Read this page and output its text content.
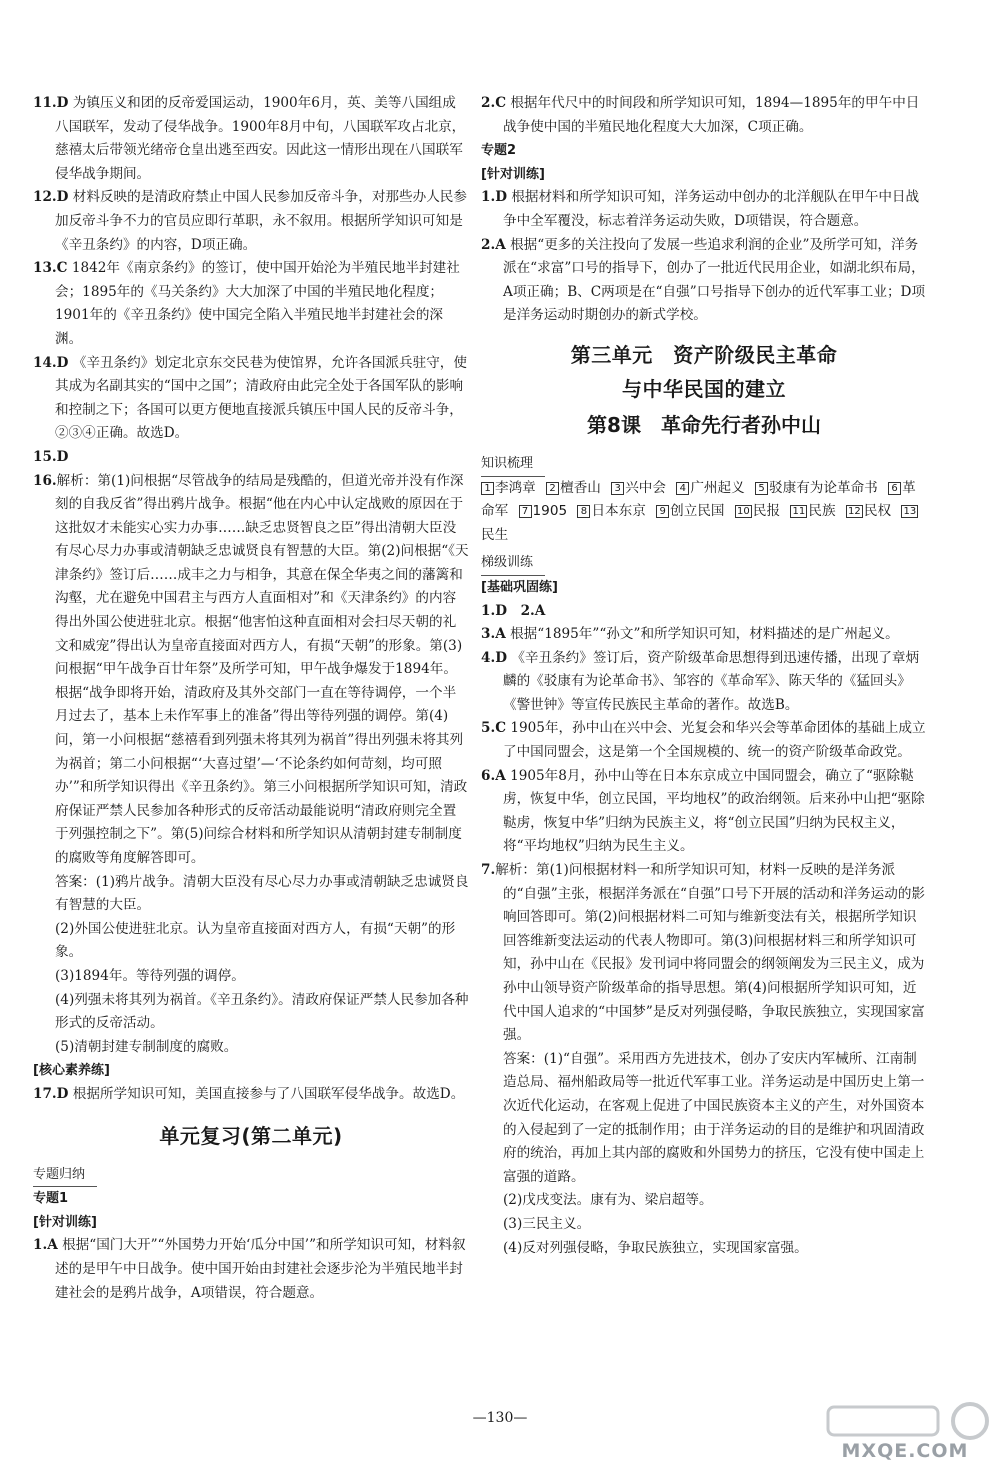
11.D 为镇压义和团的反帝爱国运动，1900年6月，英、美等八国组成八国联军，发动了侵华战争。1900年8月中旬，八国联军攻占北京，慈禧太后带领光绪帝仓皇出逃至西安。因此这一情形出现在八国联军侵华战争期间。

12.D 材料反映的是清政府禁止中国人民参加反帝斗争，对那些办人民参加反帝斗争不力的官员应即行革职，永不叙用。根据所学知识可知是《辛丑条约》的内容，D项正确。

13.C 1842年《南京条约》的签订，使中国开始沦为半殖民地半封建社会；1895年的《马关条约》大大加深了中国的半殖民地化程度；1901年的《辛丑条约》使中国完全陷入半殖民地半封建社会的深渊。

14.D 《辛丑条约》划定北京东交民巷为使馆界，允许各国派兵驻守，使其成为名副其实的“国中之国”；清政府由此完全处于各国军队的影响和控制之下；各国可以更方便地直接派兵镇压中国人民的反帝斗争，②③④正确。故选D。

15.D

16.解析：第(1)问根据“尽管战争的结局是残酷的，但道光帝并没有作深刻的自我反省”得出鸦片战争。根据“他在内心中认定战败的原因在于这批奴才未能实心实力办事……缺乏忠贤智良之臣”得出清朝大臣没有尽心尽力办事或清朝缺乏忠诚贤良有智慧的大臣。第(2)问根据“《天津条约》签订后……成丰之力与相争，其意在保全华夷之间的藩篱和沟壑，尤在避免中国君主与西方人直面相对”和《天津条约》的内容得出外国公使进驻北京。根据“他害怕这种直面相对会扫尽天朝的礼文和威宠”得出认为皇帝直接面对西方人，有损“天朝”的形象。第(3)问根据“甲午战争百廿年祭”及所学可知，甲午战争爆发于1894年。根据“战争即将开始，清政府及其外交部门一直在等待调停，一个半月过去了，基本上未作军事上的准备”得出等待列强的调停。第(4)问，第一小问根据“慈禧看到列强未将其列为祸首”得出列强未将其列为祸首；第二小问根据“‘大喜过望’—‘不论条约如何苛刻，均可照办’”和所学知识得出《辛丑条约》。第三小问根据所学知识可知，清政府保证严禁人民参加各种形式的反帝活动最能说明“清政府则完全置于列强控制之下”。第(5)问综合材料和所学知识从清朝封建专制制度的腐败等角度解答即可。

答案：(1)鸦片战争。清朝大臣没有尽心尽力办事或清朝缺乏忠诚贤良有智慧的大臣。

(2)外国公使进驻北京。认为皇帝直接面对西方人，有损“天朝”的形象。

(3)1894年。等待列强的调停。

(4)列强未将其列为祸首。《辛丑条约》。清政府保证严禁人民参加各种形式的反帝活动。

(5)清朝封建专制制度的腐败。

[核心素养练]

17.D 根据所学知识可知，美国直接参与了八国联军侵华战争。故选D。

单元复习(第二单元)

专题归纳

专题1

[针对训练]

1.A 根据“国门大开”“外国势力开始‘瓜分中国’”和所学知识可知，材料叙述的是甲午中日战争。使中国开始由封建社会逐步沦为半殖民地半封建社会的是鸦片战争，A项错误，符合题意。

2.C 根据年代尺中的时间段和所学知识可知，1894—1895年的甲午中日战争使中国的半殖民地化程度大大加深，C项正确。

专题2

[针对训练]

1.D 根据材料和所学知识可知，洋务运动中创办的北洋舰队在甲午中日战争中全军覆没，标志着洋务运动失败，D项错误，符合题意。

2.A 根据“更多的关注投向了发展一些追求利润的企业”及所学可知，洋务派在“求富”口号的指导下，创办了一批近代民用企业，如湖北织布局，A项正确；B、C两项是在“自强”口号指导下创办的近代军事工业；D项是洋务运动时期创办的新式学校。

第三单元　资产阶级民主革命
与中华民国的建立
第8课　革命先行者孙中山

知识梳理

1 李鸿章 2 檀香山 3 兴中会 4 广州起义 5 驳康有为论革命书 6 革命军 7 1905 8 日本东京 9 创立民国 10 民报 11 民族 12 民权 13民生

梯级训练

[基础巩固练]

1.D　 2.A

3.A 根据“1895年”“孙文”和所学知识可知，材料描述的是广州起义。

4.D 《辛丑条约》签订后，资产阶级革命思想得到迅速传播，出现了章炳麟的《驳康有为论革命书》、邹容的《革命军》、陈天华的《猛回头》《警世钟》等宣传民族民主革命的著作。故选B。

5.C 1905年，孙中山在兴中会、光复会和华兴会等革命团体的基础上成立了中国同盟会，这是第一个全国规模的、统一的资产阶级革命政党。

6.A 1905年8月，孙中山等在日本东京成立中国同盟会，确立了“驱除鞑虏，恢复中华，创立民国，平均地权”的政治纲领。后来孙中山把“驱除鞑虏，恢复中华”归纳为民族主义，将“创立民国”归纳为民权主义，将“平均地权”归纳为民生主义。

7.解析：第(1)问根据材料一和所学知识可知，材料一反映的是洋务派的“自强”主张，根据洋务派在“自强”口号下开展的活动和洋务运动的影响回答即可。第(2)问根据材料二可知与维新变法有关，根据所学知识回答维新变法运动的代表人物即可。第(3)问根据材料三和所学知识可知，孙中山在《民报》发刊词中将同盟会的纲领阐发为三民主义，成为孙中山领导资产阶级革命的指导思想。第(4)问根据所学知识可知，近代中国人追求的“中国梦”是反对列强侵略，争取民族独立，实现国家富强。

答案：(1)“自强”。采用西方先进技术，创办了安庆内军械所、江南制造总局、福州船政局等一批近代军事工业。洋务运动是中国历史上第一次近代化运动，在客观上促进了中国民族资本主义的产生，对外国资本的入侵起到了一定的抵制作用；由于洋务运动的目的是维护和巩固清政府的统治，再加上其内部的腐败和外国势力的挤压，它没有使中国走上富强的道路。

(2)戊戌变法。康有为、梁启超等。

(3)三民主义。

(4)反对列强侵略，争取民族独立，实现国家富强。

—130—
MXQE.COM
